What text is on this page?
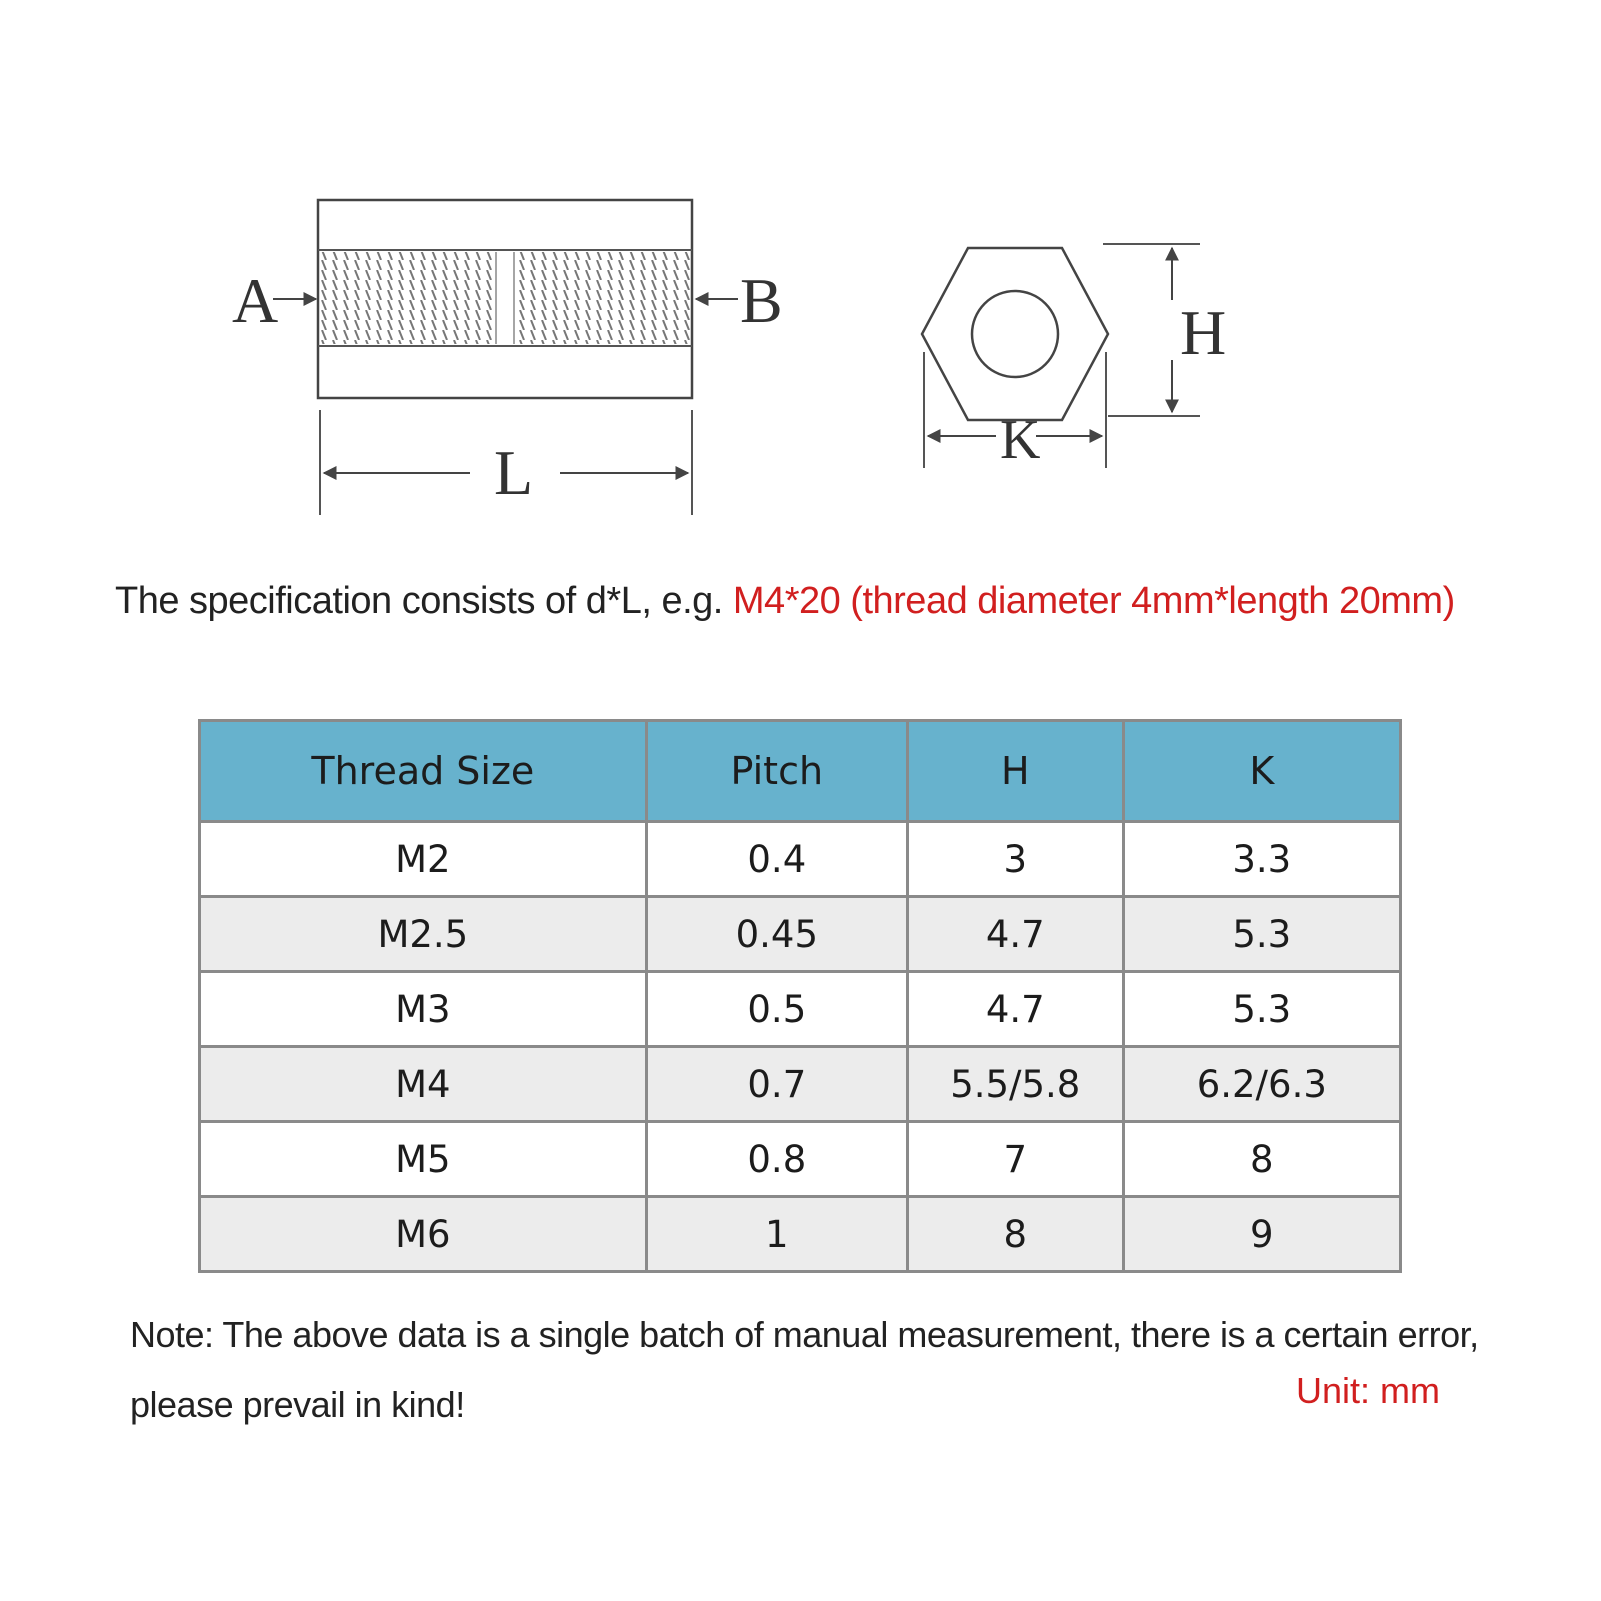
A	B
L
H
K
The specification consists of d*L, e.g. M4*20 (thread diameter 4mm*length 20mm)
Thread Size	Pitch	H	K
M2	0.4	3	3.3
M2.5	0.45	4.7	5.3
M3	0.5	4.7	5.3
M4	0.7	5.5/5.8	6.2/6.3
M5	0.8	7	8
M6	1	8	9
Note: The above data is a single batch of manual measurement, there is a certain error,
please prevail in kind!	Unit: mm
